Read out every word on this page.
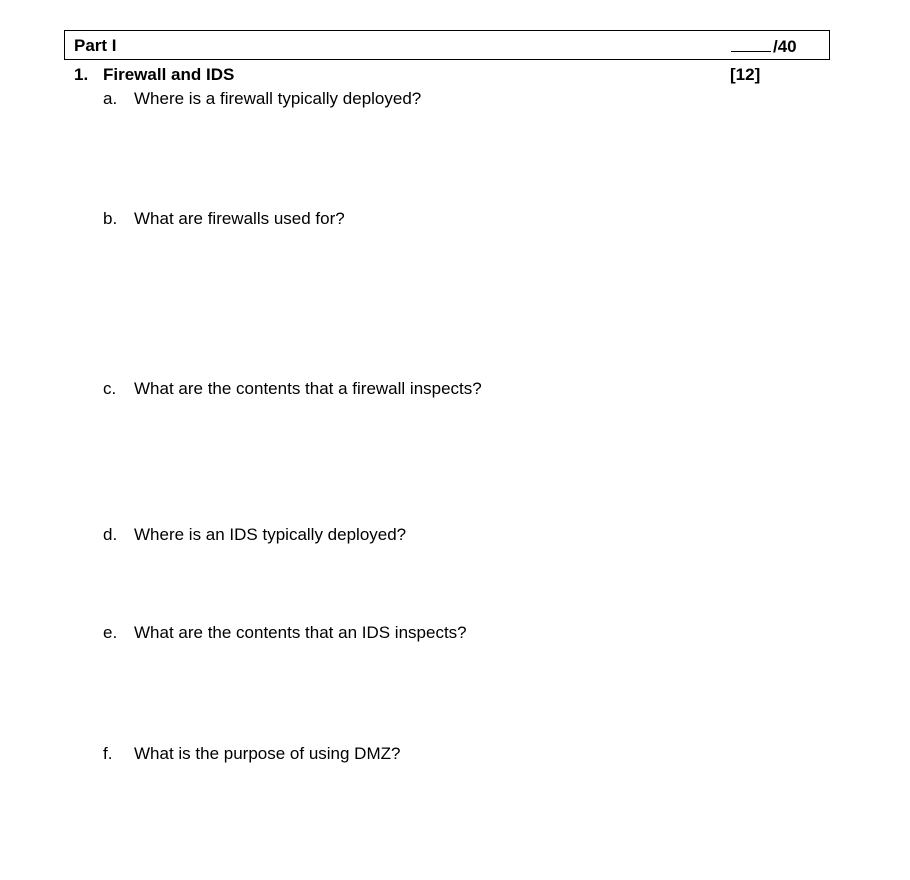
Part I	/40
1. Firewall and IDS	[12]
a. Where is a firewall typically deployed?
b. What are firewalls used for?
c. What are the contents that a firewall inspects?
d. Where is an IDS typically deployed?
e. What are the contents that an IDS inspects?
f. What is the purpose of using DMZ?
